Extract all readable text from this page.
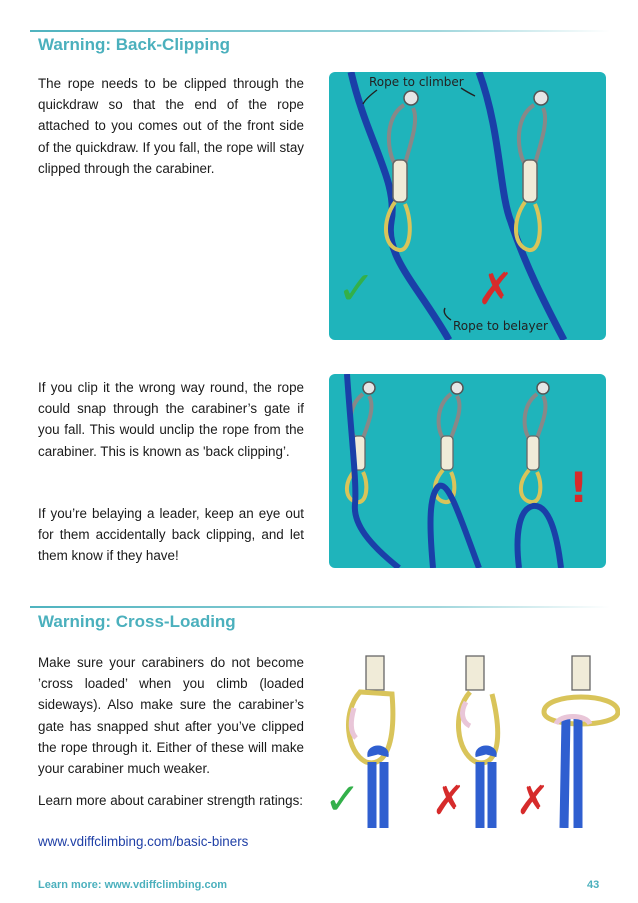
Warning: Back-Clipping

The rope needs to be clipped through the quickdraw so that the end of the rope attached to you comes out of the front side of the quickdraw. If you fall, the rope will stay clipped through the carabiner.

Rope to climber
Rope to belayer
✓ ✗

If you clip it the wrong way round, the rope could snap through the carabiner’s gate if you fall. This would unclip the rope from the carabiner. This is known as 'back clipping’.

If you’re belaying a leader, keep an eye out for them accidentally back clipping, and let them know if they have!

!
Warning: Cross-Loading

Make sure your carabiners do not become ’cross loaded’ when you climb (loaded sideways). Also make sure the carabiner’s gate has snapped shut after you’ve clipped the rope through it. Either of these will make your carabiner much weaker.

Learn more about carabiner strength ratings:

www.vdiffclimbing.com/basic-biners
✓ ✗ ✗
Learn more: www.vdiffclimbing.com	43
